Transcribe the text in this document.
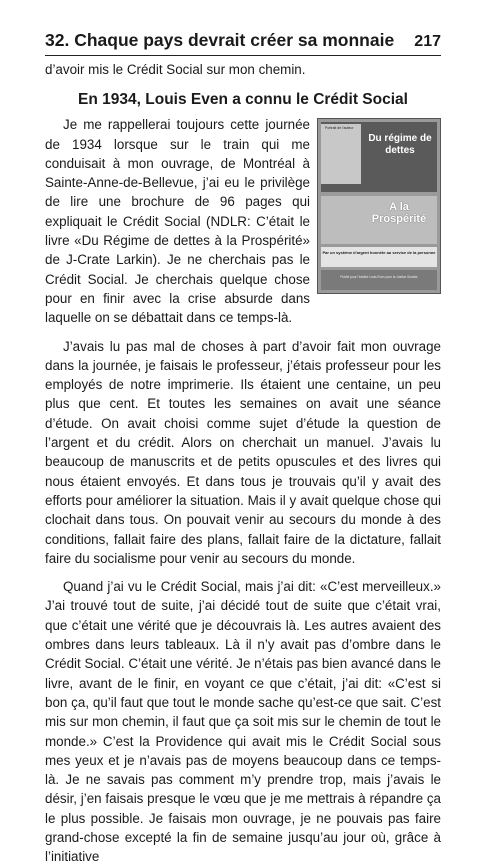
32. Chaque pays devrait créer sa monnaie 217

d’avoir mis le Crédit Social sur mon chemin.

En 1934, Louis Even a connu le Crédit Social
Portrait de l'auteur
Du régime de dettes
A la Prospérité
Par un système d'argent honnête au service de la personne
Publié pour l'Institut Louis Even pour la Justice Sociale

Je me rappellerai toujours cette journée de 1934 lorsque sur le train qui me conduisait à mon ouvrage, de Montréal à Sainte-Anne-de-Bellevue, j’ai eu le privilège de lire une brochure de 96 pages qui expliquait le Crédit Social (NDLR: C’était le livre «Du Régime de dettes à la Prospérité» de J-Crate Larkin). Je ne cherchais pas le Crédit Social. Je cherchais quelque chose pour en finir avec la crise absurde dans laquelle on se débattait dans ce temps-là.

J’avais lu pas mal de choses à part d’avoir fait mon ouvrage dans la journée, je faisais le professeur, j’étais professeur pour les employés de notre imprimerie. Ils étaient une centaine, un peu plus que cent. Et toutes les semaines on avait une séance d’étude. On avait choisi comme sujet d’étude la question de l’argent et du crédit. Alors on cherchait un manuel. J’avais lu beaucoup de manuscrits et de petits opuscules et des livres qui nous étaient envoyés. Et dans tous je trouvais qu’il y avait des efforts pour améliorer la situation. Mais il y avait quelque chose qui clochait dans tous. On pouvait venir au secours du monde à des conditions, fallait faire des plans, fallait faire de la dictature, fallait faire du socialisme pour venir au secours du monde.

Quand j’ai vu le Crédit Social, mais j’ai dit: «C’est merveilleux.» J’ai trouvé tout de suite, j’ai décidé tout de suite que c’était vrai, que c’était une vérité que je découvrais là. Les autres avaient des ombres dans leurs tableaux. Là il n’y avait pas d’ombre dans le Crédit Social. C’était une vérité. Je n’étais pas bien avancé dans le livre, avant de le finir, en voyant ce que c’était, j’ai dit: «C’est si bon ça, qu’il faut que tout le monde sache qu’est-ce que sait. C’est mis sur mon chemin, il faut que ça soit mis sur le chemin de tout le monde.» C’est la Providence qui avait mis le Crédit Social sous mes yeux et je n’avais pas de moyens beaucoup dans ce temps-là. Je ne savais pas comment m’y prendre trop, mais j’avais le désir, j’en faisais presque le vœu que je me mettrais à répandre ça le plus possible. Je faisais mon ouvrage, je ne pouvais pas faire grand-chose excepté la fin de semaine jusqu’au jour où, grâce à l’initiative
